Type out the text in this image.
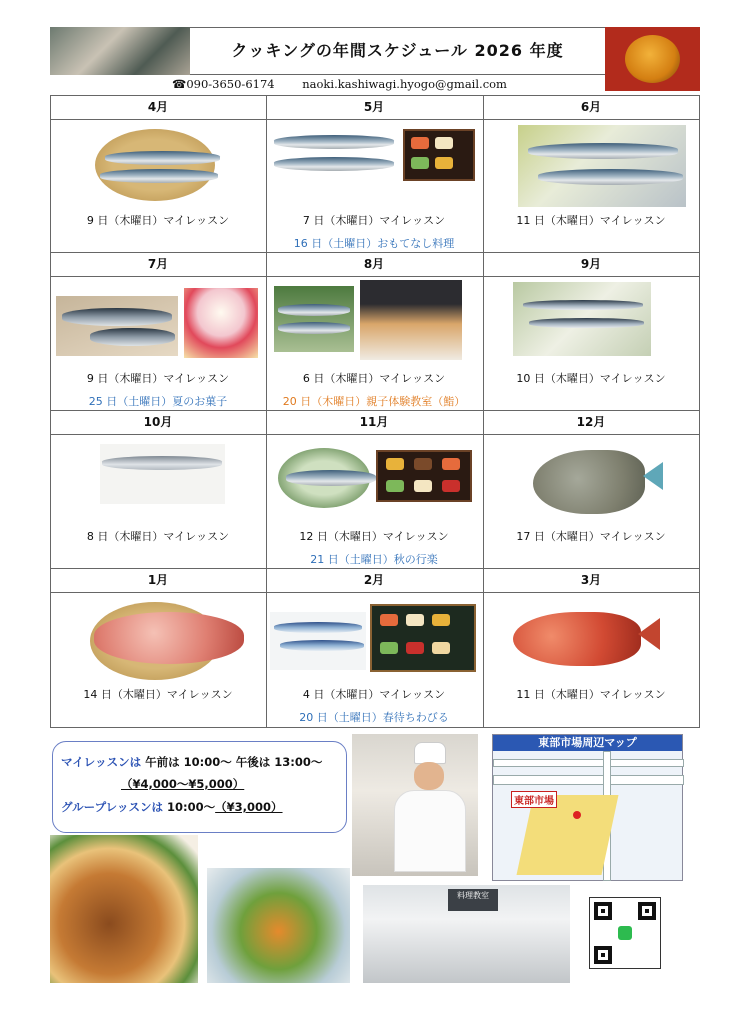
クッキングの年間スケジュール 2026 年度
☎090-3650-6174 naoki.kashiwagi.hyogo@gmail.com
4月
9 日（木曜日）マイレッスン
5月
7 日（木曜日）マイレッスン
16 日（土曜日）おもてなし料理
6月
11 日（木曜日）マイレッスン
7月
9 日（木曜日）マイレッスン
25 日（土曜日）夏のお菓子
8月
6 日（木曜日）マイレッスン
20 日（木曜日）親子体験教室（鮨）
9月
10 日（木曜日）マイレッスン
10月
8 日（木曜日）マイレッスン
11月
12 日（木曜日）マイレッスン
21 日（土曜日）秋の行楽
12月
17 日（木曜日）マイレッスン
1月
14 日（木曜日）マイレッスン
2月
4 日（木曜日）マイレッスン
20 日（土曜日）春待ちわびる
3月
11 日（木曜日）マイレッスン
マイレッスンは 午前は 10:00～ 午後は 13:00～
（¥4,000～¥5,000）
グループレッスンは 10:00～（¥3,000）
東部市場周辺マップ
東部市場
料理教室
